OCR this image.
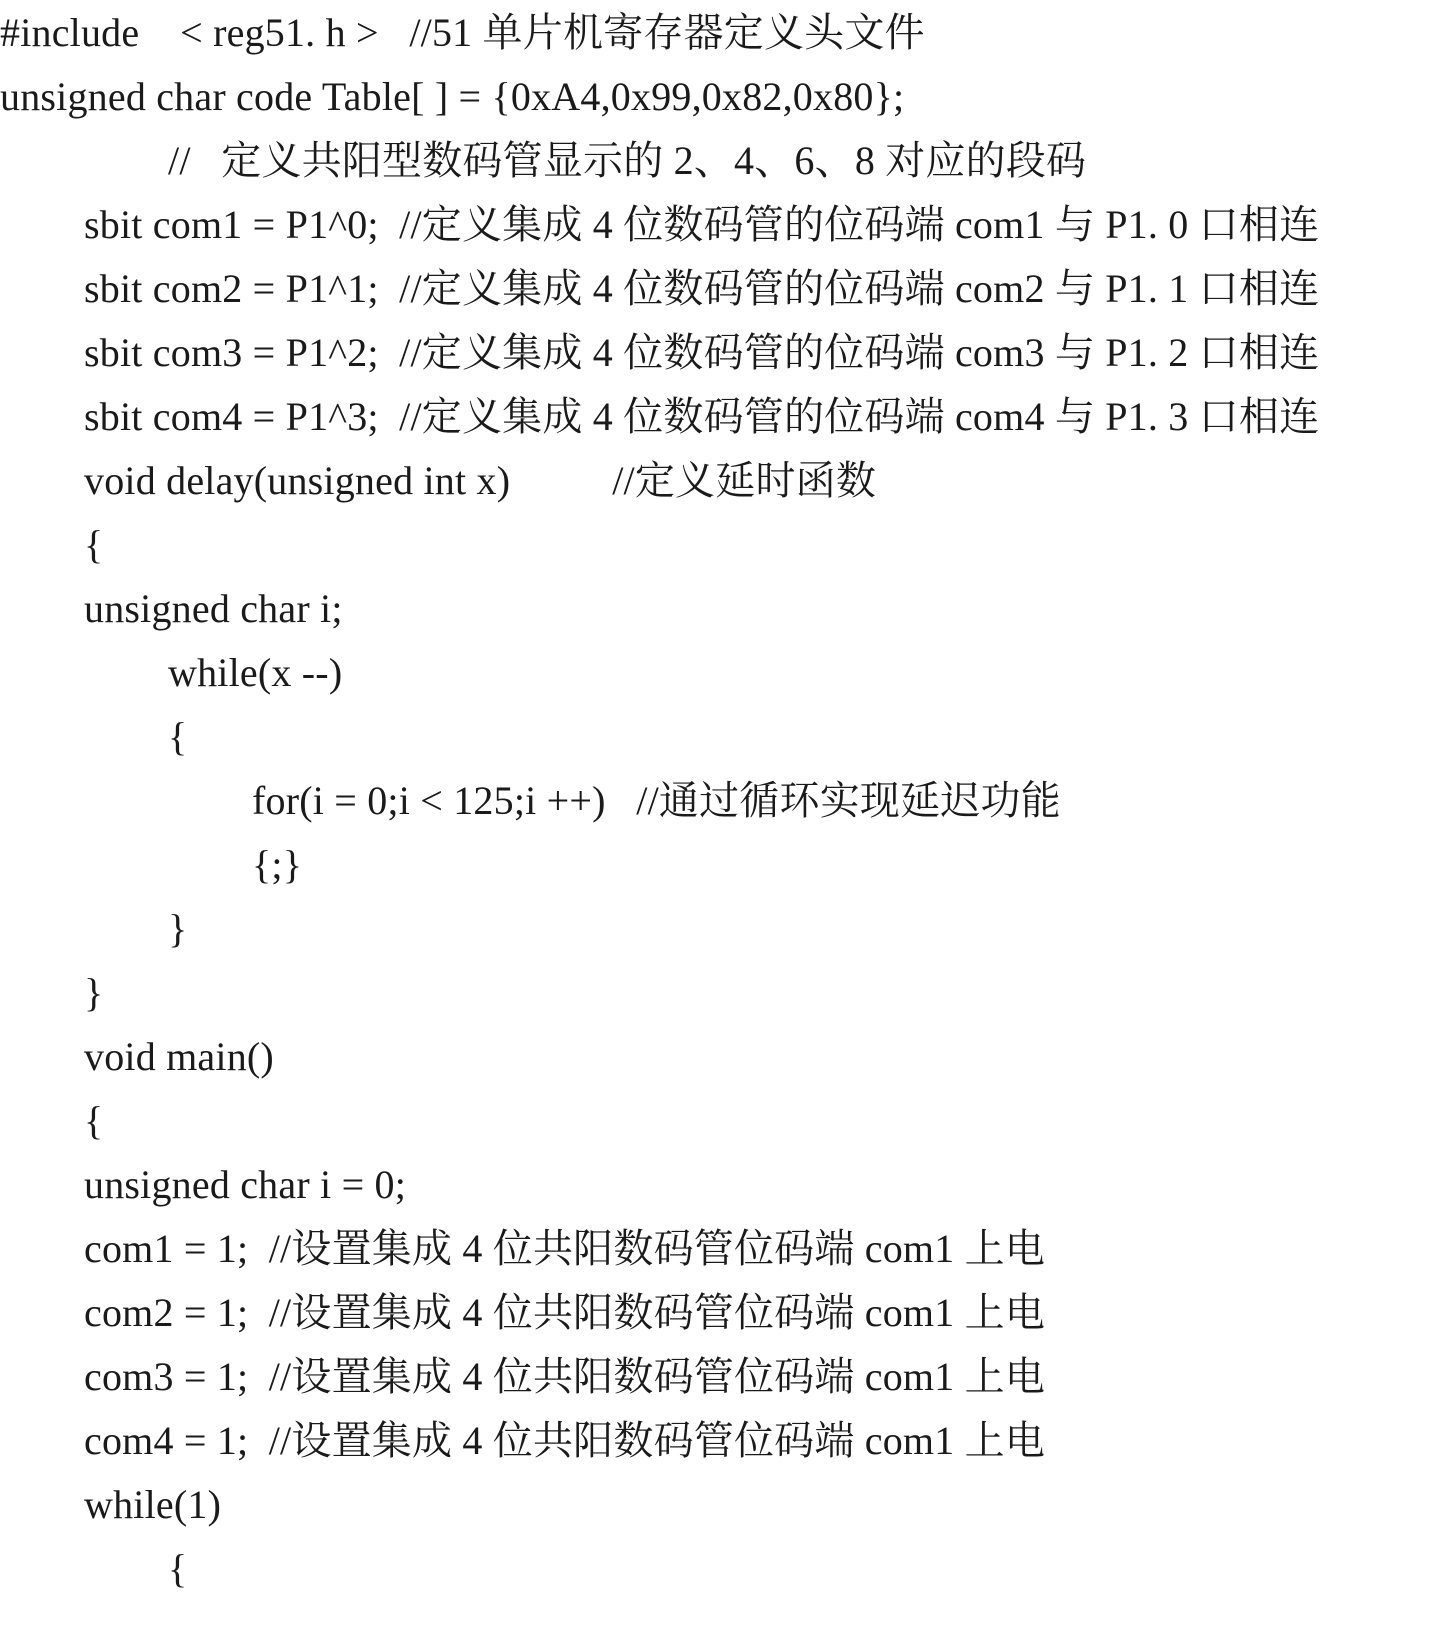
#include    < reg51. h >   //51 单片机寄存器定义头文件
unsigned char code Table[ ] = {0xA4,0x99,0x82,0x80};
//   定义共阳型数码管显示的 2、4、6、8 对应的段码
sbit com1 = P1^0;  //定义集成 4 位数码管的位码端 com1 与 P1. 0 口相连
sbit com2 = P1^1;  //定义集成 4 位数码管的位码端 com2 与 P1. 1 口相连
sbit com3 = P1^2;  //定义集成 4 位数码管的位码端 com3 与 P1. 2 口相连
sbit com4 = P1^3;  //定义集成 4 位数码管的位码端 com4 与 P1. 3 口相连
void delay(unsigned int x)          //定义延时函数
{
unsigned char i;
while(x --)
{
for(i = 0;i < 125;i ++)   //通过循环实现延迟功能
{;}
}
}
void main()
{
unsigned char i = 0;
com1 = 1;  //设置集成 4 位共阳数码管位码端 com1 上电
com2 = 1;  //设置集成 4 位共阳数码管位码端 com1 上电
com3 = 1;  //设置集成 4 位共阳数码管位码端 com1 上电
com4 = 1;  //设置集成 4 位共阳数码管位码端 com1 上电
while(1)
{
